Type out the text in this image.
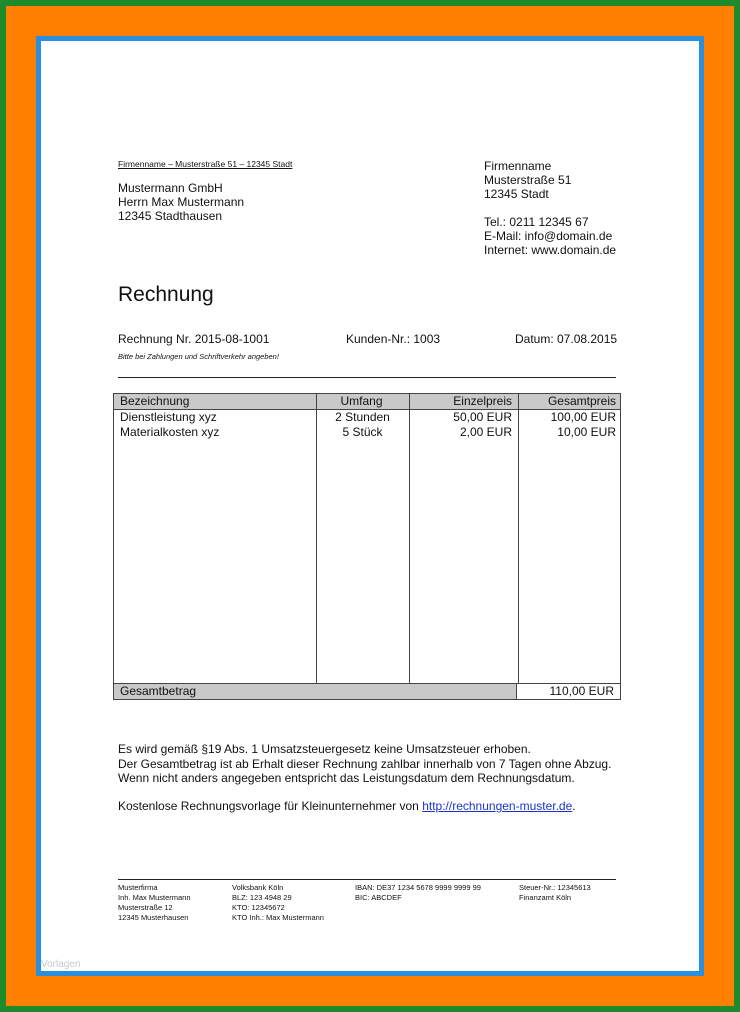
Firmenname – Musterstraße 51 – 12345 Stadt
Mustermann GmbH
Herrn Max Mustermann
12345 Stadthausen
Firmenname
Musterstraße 51
12345 Stadt
Tel.: 0211 12345 67
E-Mail: info@domain.de
Internet: www.domain.de
Rechnung
Rechnung Nr. 2015-08-1001	Kunden-Nr.: 1003	Datum: 07.08.2015
Bitte bei Zahlungen und Schriftverkehr angeben!
Bezeichnung	Umfang	Einzelpreis	Gesamtpreis
Dienstleistung xyz	2 Stunden	50,00 EUR	100,00 EUR
Materialkosten xyz	5 Stück	2,00 EUR	10,00 EUR
Gesamtbetrag	110,00 EUR
Es wird gemäß §19 Abs. 1 Umsatzsteuergesetz keine Umsatzsteuer erhoben.
Der Gesamtbetrag ist ab Erhalt dieser Rechnung zahlbar innerhalb von 7 Tagen ohne Abzug.
Wenn nicht anders angegeben entspricht das Leistungsdatum dem Rechnungsdatum.
Kostenlose Rechnungsvorlage für Kleinunternehmer von http://rechnungen-muster.de.
Musterfirma
Inh. Max Mustermann
Musterstraße 12
12345 Musterhausen
Volksbank Köln
BLZ: 123 4948 29
KTO: 12345672
KTO Inh.: Max Mustermann
IBAN: DE37 1234 5678 9999 9999 99
BIC: ABCDEF
Steuer-Nr.: 12345613
Finanzamt Köln
Vorlagen
